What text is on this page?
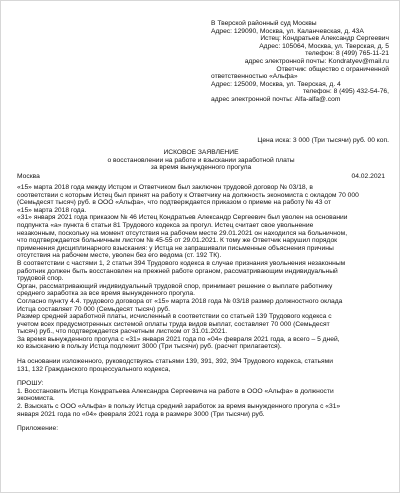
В Тверской районный суд Москвы
Адрес: 129090, Москва, ул. Каланчевская, д. 43А
Истец: Кондратьев Александр Сергеевич
Адрес: 105064, Москва, ул. Тверская, д. 5
телефон: 8 (499) 765-11-21
адрес электронной почты: Kondratyev@mail.ru
Ответчик: общество с ограниченной
ответственностью «Альфа»
Адрес: 125009, Москва, ул. Тверская, д. 4
телефон: 8 (495) 432-54-76,
адрес электронной почты: Alfa-alfa@.com
Цена иска: 3 000 (Три тысячи) руб. 00 коп.
ИСКОВОЕ ЗАЯВЛЕНИЕ
о восстановлении на работе и взыскании заработной платы
за время вынужденного прогула
Москва	04.02.2021

«15» марта 2018 года между Истцом и Ответчиком был заключен трудовой договор № 03/18, в

соответствии с которым Истец был принят на работу к Ответчику на должность экономиста с окладом 70 000

(Семьдесят тысяч) руб. в ООО «Альфа», что подтверждается приказом о приеме на работу № 43 от

«15» марта 2018 года.

«31» января 2021 года приказом № 46 Истец Кондратьев Александр Сергеевич был уволен на основании

подпункта «а» пункта 6 статьи 81 Трудового кодекса за прогул. Истец считает свое увольнение

незаконным, поскольку на момент отсутствия на рабочем месте 29.01.2021 он находился на больничном,

что подтверждается больничным листом № 45-55 от 29.01.2021. К тому же Ответчик нарушил порядок

применения дисциплинарного взыскания: у Истца не запрашивали письменные объяснения причины

отсутствия на рабочем месте, уволен без его ведома (ст. 192 ТК).

В соответствии с частями 1, 2 статьи 394 Трудового кодекса в случае признания увольнения незаконным

работник должен быть восстановлен на прежней работе органом, рассматривающим индивидуальный

трудовой спор.

Орган, рассматривающий индивидуальный трудовой спор, принимает решение о выплате работнику

среднего заработка за все время вынужденного прогула.

Согласно пункту 4.4. трудового договора от «15» марта 2018 года № 03/18 размер должностного оклада

Истца составляет 70 000 (Семьдесят тысяч) руб.

Размер средней заработной платы, исчисленный в соответствии со статьей 139 Трудового кодекса с

учетом всех предусмотренных системой оплаты труда видов выплат, составляет 70 000 (Семьдесят

тысяч) руб., что подтверждается расчетным листком от 31.01.2021.

За время вынужденного прогула с «31» января 2021 года по «04» февраля 2021 года, а всего – 5 дней,

ко взысканию в пользу Истца подлежит 3000 (Три тысячи) руб. (расчет прилагается).

На основании изложенного, руководствуясь статьями 139, 391, 392, 394 Трудового кодекса, статьями

131, 132 Гражданского процессуального кодекса,

ПРОШУ:

1. Восстановить Истца Кондратьева Александра Сергеевича на работе в ООО «Альфа» в должности

экономиста.

2. Взыскать с ООО «Альфа» в пользу Истца средний заработок за время вынужденного прогула с «31»

января 2021 года по «04» февраля 2021 года в размере 3000 (Три тысячи) руб.

Приложение:
